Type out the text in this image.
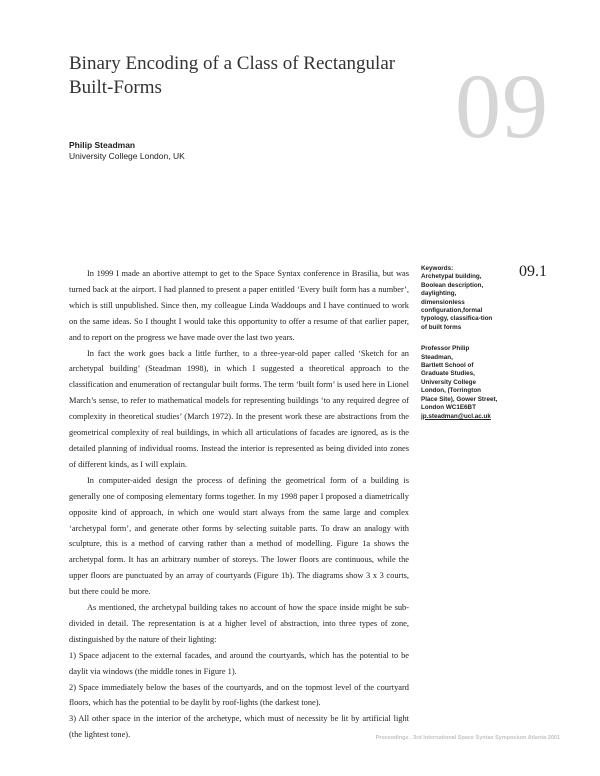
Binary Encoding of a Class of Rectangular Built-Forms	09
Philip Steadman
University College London, UK

In 1999 I made an abortive attempt to get to the Space Syntax conference in Brasilia, but was turned back at the airport. I had planned to present a paper entitled ‘Every built form has a number’, which is still unpublished. Since then, my colleague Linda Waddoups and I have continued to work on the same ideas. So I thought I would take this opportunity to offer a resume of that earlier paper, and to report on the progress we have made over the last two years.

In fact the work goes back a little further, to a three-year-old paper called ‘Sketch for an archetypal building’ (Steadman 1998), in which I suggested a theoretical approach to the classification and enumeration of rectangular built forms. The term ‘built form’ is used here in Lionel March’s sense, to refer to mathematical models for representing buildings ‘to any required degree of complexity in theoretical studies’ (March 1972). In the present work these are abstractions from the geometrical complexity of real buildings, in which all articulations of facades are ignored, as is the detailed planning of individual rooms. Instead the interior is represented as being divided into zones of different kinds, as I will explain.

In computer-aided design the process of defining the geometrical form of a building is generally one of composing elementary forms together. In my 1998 paper I proposed a diametrically opposite kind of approach, in which one would start always from the same large and complex ‘archetypal form’, and generate other forms by selecting suitable parts. To draw an analogy with sculpture, this is a method of carving rather than a method of modelling. Figure 1a shows the archetypal form. It has an arbitrary number of storeys. The lower floors are continuous, while the upper floors are punctuated by an array of courtyards (Figure 1b). The diagrams show 3 x 3 courts, but there could be more.

As mentioned, the archetypal building takes no account of how the space inside might be sub-divided in detail. The representation is at a higher level of abstraction, into three types of zone, distinguished by the nature of their lighting:

1) Space adjacent to the external facades, and around the courtyards, which has the potential to be daylit via windows (the middle tones in Figure 1).

2) Space immediately below the bases of the courtyards, and on the topmost level of the courtyard floors, which has the potential to be daylit by roof-lights (the darkest tone).

3) All other space in the interior of the archetype, which must of necessity be lit by artificial light (the lightest tone).

Keywords:
Archetypal building, Boolean description, daylighting, dimensionless configuration,formal typology, classifica-tion of built forms
Professor Philip Steadman,
Bartlett School of Graduate Studies,
University College London, (Torrington Place Site), Gower Street,
London WC1E6BT
jp.steadman@ucl.ac.uk
09.1
Proceedings . 3rd International Space Syntax Symposium Atlanta 2001
